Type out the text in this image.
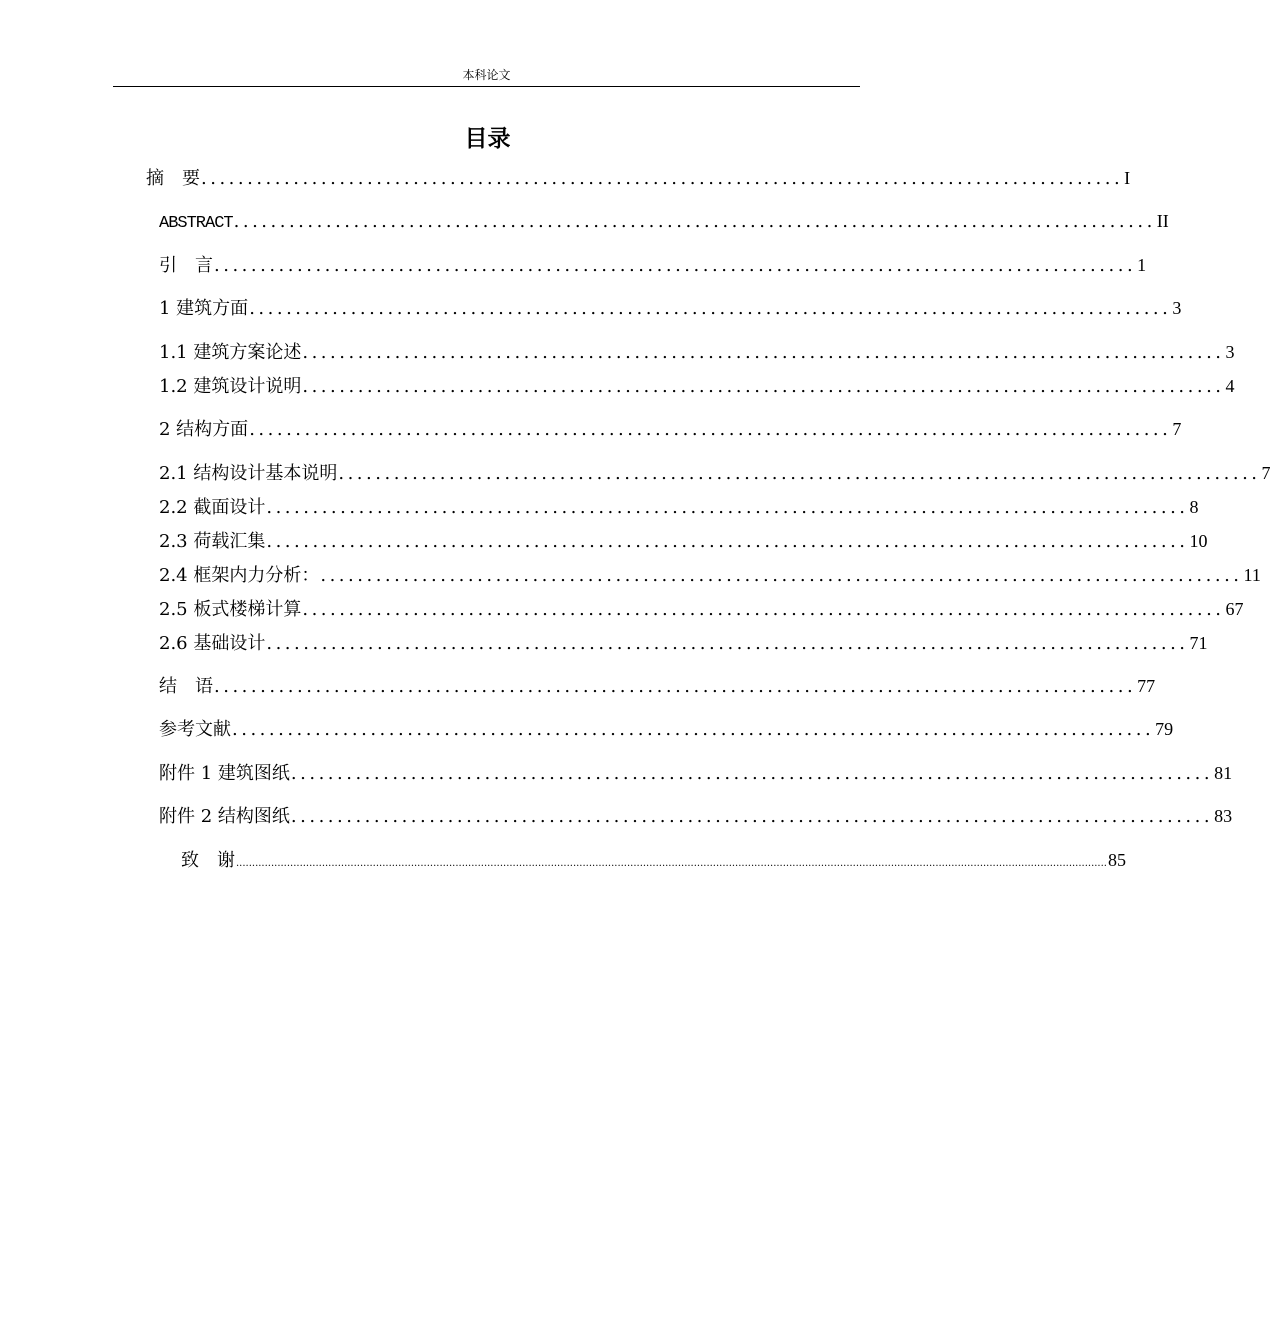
本科论文
目录
摘　要 .................................................................................................... I
ABSTRACT .................................................................................................... II
引　言 .................................................................................................... 1
1 建筑方面 .................................................................................................... 3
1.1 建筑方案论述 .................................................................................................... 3
1.2 建筑设计说明 .................................................................................................... 4
2 结构方面 .................................................................................................... 7
2.1 结构设计基本说明 .................................................................................................... 7
2.2 截面设计 .................................................................................................... 8
2.3 荷载汇集 .................................................................................................... 10
2.4 框架内力分析： .................................................................................................... 11
2.5 板式楼梯计算 .................................................................................................... 67
2.6 基础设计 .................................................................................................... 71
结　语 .................................................................................................... 77
参考文献 .................................................................................................... 79
附件 1 建筑图纸 .................................................................................................... 81
附件 2 结构图纸 .................................................................................................... 83
致　谢 .................................................................................................................................................................................................................................................................................. 85
